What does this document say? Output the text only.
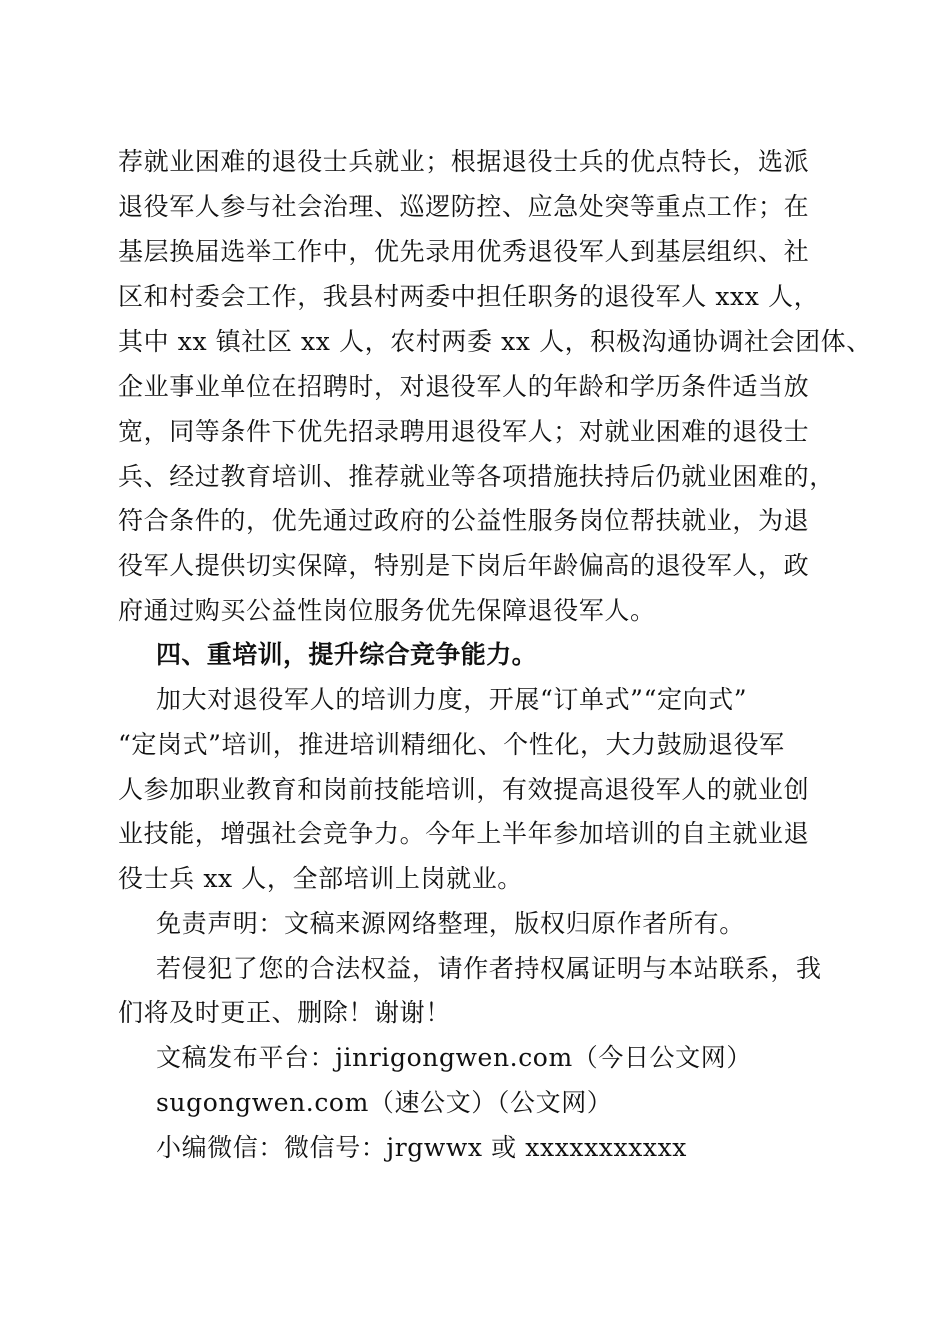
荐就业困难的退役士兵就业；根据退役士兵的优点特长，选派
退役军人参与社会治理、巡逻防控、应急处突等重点工作；在
基层换届选举工作中，优先录用优秀退役军人到基层组织、社
区和村委会工作，我县村两委中担任职务的退役军人 xxx 人，
其中 xx 镇社区 xx 人，农村两委 xx 人，积极沟通协调社会团体、
企业事业单位在招聘时，对退役军人的年龄和学历条件适当放
宽，同等条件下优先招录聘用退役军人；对就业困难的退役士
兵、经过教育培训、推荐就业等各项措施扶持后仍就业困难的，
符合条件的，优先通过政府的公益性服务岗位帮扶就业，为退
役军人提供切实保障，特别是下岗后年龄偏高的退役军人，政
府通过购买公益性岗位服务优先保障退役军人。
四、重培训，提升综合竞争能力。
加大对退役军人的培训力度，开展“订单式”“定向式”
“定岗式”培训，推进培训精细化、个性化，大力鼓励退役军
人参加职业教育和岗前技能培训，有效提高退役军人的就业创
业技能，增强社会竞争力。今年上半年参加培训的自主就业退
役士兵 xx 人，全部培训上岗就业。
免责声明：文稿来源网络整理，版权归原作者所有。
若侵犯了您的合法权益，请作者持权属证明与本站联系，我
们将及时更正、删除！谢谢！
文稿发布平台：jinrigongwen.com（今日公文网）
sugongwen.com（速公文）（公文网）
小编微信：微信号：jrgwwx 或 xxxxxxxxxxx
